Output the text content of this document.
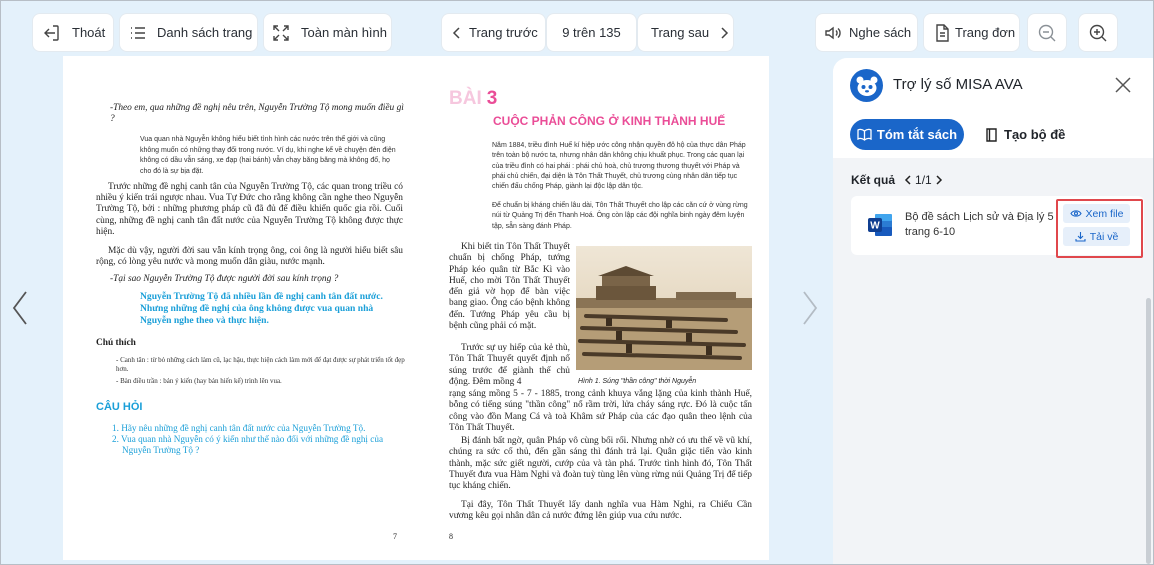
Thoát	Danh sách trang	Toàn màn hình	Trang trước 9 trên 135 Trang sau	Nghe sách	Trang đơn
-Theo em, qua những đề nghị nêu trên, Nguyễn Trường Tộ mong muốn điều gì ?
Vua quan nhà Nguyễn không hiểu biết tình hình các nước trên thế giới và cũng không muốn có những thay đổi trong nước. Ví dụ, khi nghe kể về chuyện đèn điện không có dầu vẫn sáng, xe đạp (hai bánh) vẫn chạy băng băng mà không đổ, họ cho đó là sự bịa đặt.
Trước những đề nghị canh tân của Nguyễn Trường Tộ, các quan trong triều có nhiều ý kiến trái ngược nhau. Vua Tự Đức cho rằng không cần nghe theo Nguyễn Trường Tộ, bởi : những phương pháp cũ đã đủ để điều khiển quốc gia rồi. Cuối cùng, những đề nghị canh tân đất nước của Nguyễn Trường Tộ không được thực hiện.
Mặc dù vậy, người đời sau vẫn kính trọng ông, coi ông là người hiểu biết sâu rộng, có lòng yêu nước và mong muốn dân giàu, nước mạnh.
-Tại sao Nguyễn Trường Tộ được người đời sau kính trọng ?
Nguyễn Trường Tộ đã nhiều lần đề nghị canh tân đất nước. Nhưng những đề nghị của ông không được vua quan nhà Nguyễn nghe theo và thực hiện.
Chú thích
- Canh tân : từ bỏ những cách làm cũ, lạc hậu, thực hiện cách làm mới để đạt được sự phát triển tốt đẹp hơn.
- Bàn điều trần : bản ý kiến (hay bản hiến kế) trình lên vua.
CÂU HỎI
1. Hãy nêu những đề nghị canh tân đất nước của Nguyễn Trường Tộ.
2. Vua quan nhà Nguyễn có ý kiến như thế nào đối với những đề nghị của Nguyễn Trường Tộ ?
7
BÀI 3
CUỘC PHẢN CÔNG Ở KINH THÀNH HUẾ
Năm 1884, triều đình Huế kí hiệp ước công nhận quyền đô hộ của thực dân Pháp trên toàn bộ nước ta, nhưng nhân dân không chịu khuất phục. Trong các quan lại của triều đình có hai phái : phái chủ hoà, chủ trương thương thuyết với Pháp và phái chủ chiến, đại diện là Tôn Thất Thuyết, chủ trương cùng nhân dân tiếp tục chiến đấu chống Pháp, giành lại độc lập dân tộc.
Để chuẩn bị kháng chiến lâu dài, Tôn Thất Thuyết cho lập các căn cứ ở vùng rừng núi từ Quảng Trị đến Thanh Hoá. Ông còn lập các đội nghĩa binh ngày đêm luyện tập, sẵn sàng đánh Pháp.
Khi biết tin Tôn Thất Thuyết chuẩn bị chống Pháp, tướng Pháp kéo quân từ Bắc Kì vào Huế, cho mời Tôn Thất Thuyết đến giả vờ họp để bàn việc bang giao. Ông cáo bệnh không đến. Tướng Pháp yêu cầu bị bệnh cũng phải có mặt.
Trước sự uy hiếp của kẻ thù, Tôn Thất Thuyết quyết định nổ súng trước để giành thế chủ động. Đêm mồng 4	Hình 1. Súng "thần công" thời Nguyễn
rạng sáng mồng 5 - 7 - 1885, trong cảnh khuya vắng lặng của kinh thành Huế, bỗng có tiếng súng "thần công" nổ rầm trời, lửa cháy sáng rực. Đó là cuộc tấn công vào đồn Mang Cá và toà Khâm sứ Pháp của các đạo quân theo lệnh của Tôn Thất Thuyết.
Bị đánh bất ngờ, quân Pháp vô cùng bối rối. Nhưng nhờ có ưu thế về vũ khí, chúng ra sức cố thủ, đến gần sáng thì đánh trả lại. Quân giặc tiến vào kinh thành, mặc sức giết người, cướp của và tàn phá. Trước tình hình đó, Tôn Thất Thuyết đưa vua Hàm Nghi và đoàn tuỳ tùng lên vùng rừng núi Quảng Trị để tiếp tục kháng chiến.
Tại đây, Tôn Thất Thuyết lấy danh nghĩa vua Hàm Nghi, ra Chiếu Cần vương kêu gọi nhân dân cả nước đứng lên giúp vua cứu nước.
8
Trợ lý số MISA AVA
Tóm tắt sách	Tạo bộ đề
Kết quả 1/1
W
Bộ đề sách Lịch sử và Địa lý 5 trang 6-10
Xem file
Tải về
